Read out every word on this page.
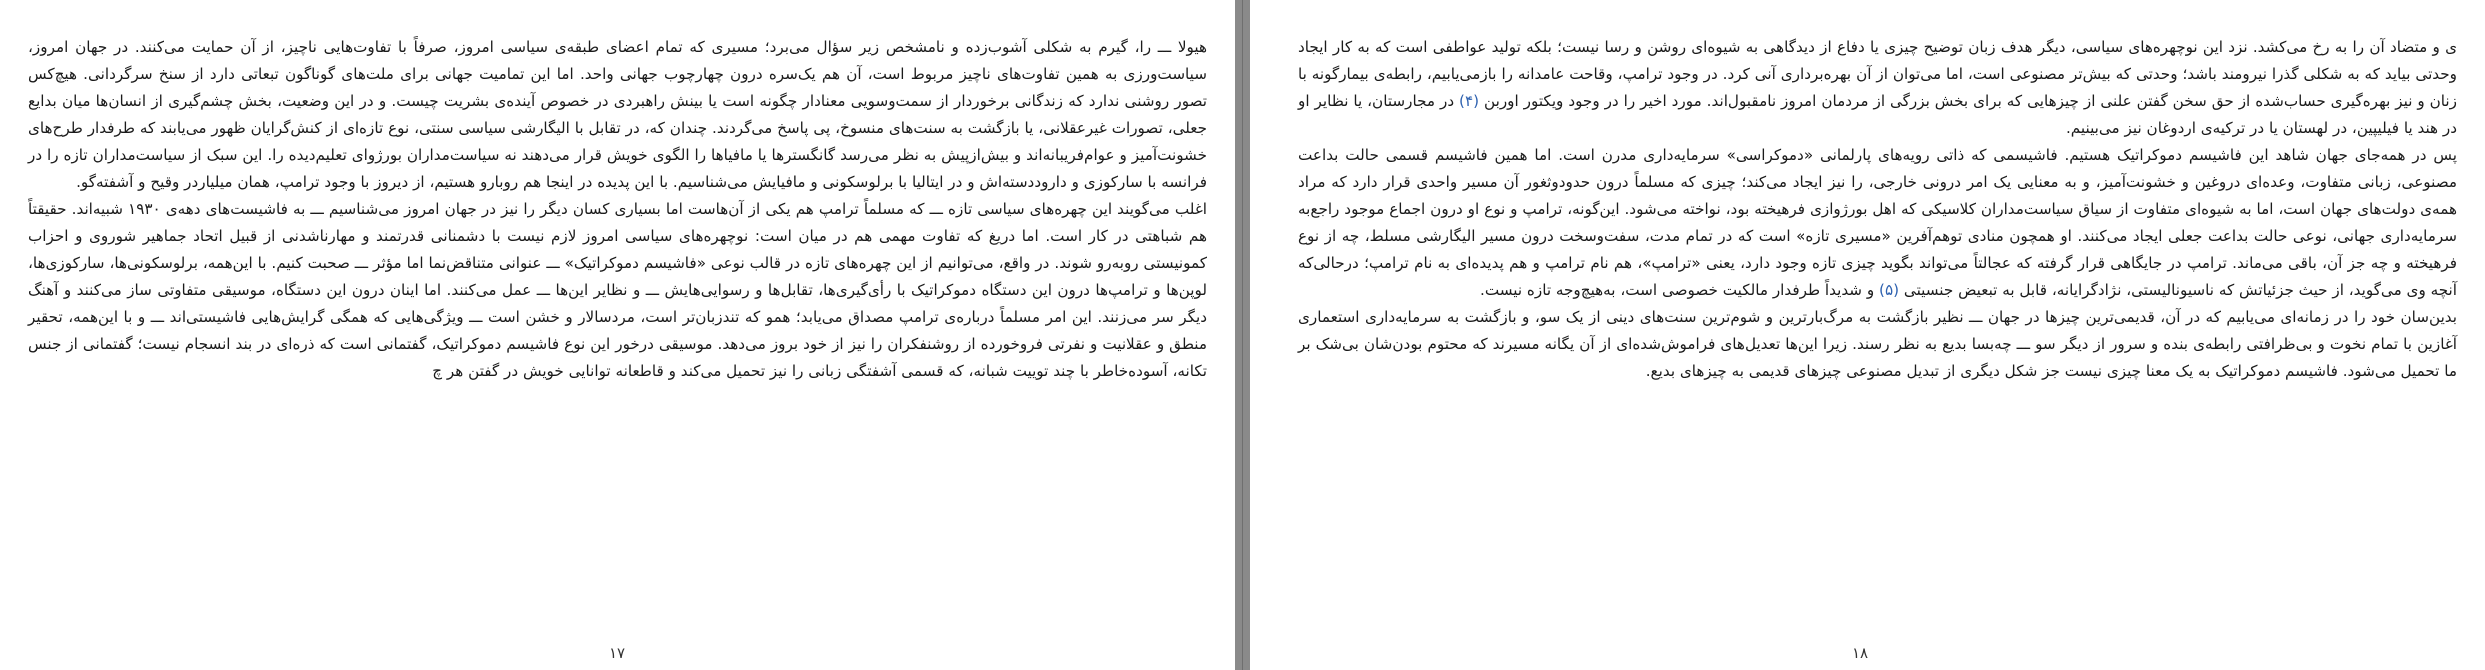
هیولا ـــ را، گیرم به شکلی آشوب‌زده و نامشخص زیر سؤال می‌برد؛ مسیری که تمام اعضای طبقه‌ی سیاسی امروز، صرفاً با تفاوت‌هایی ناچیز، از آن حمایت می‌کنند. در جهان امروز، سیاست‌ورزی به همین تفاوت‌های ناچیز مربوط است، آن هم یک‌سره درون چهارچوب جهانی واحد. اما این تمامیت جهانی برای ملت‌های گوناگون تبعاتی دارد از سنخ سرگردانی. هیچ‌کس تصور روشنی ندارد که زندگانی برخوردار از سمت‌وسویی معنادار چگونه است یا بینش راهبردی در خصوص آینده‌ی بشریت چیست. و در این وضعیت، بخش چشم‌گیری از انسان‌ها میان بدایع جعلی، تصورات غیرعقلانی، یا بازگشت به سنت‌های منسوخ، پی پاسخ می‌گردند. چندان که، در تقابل با الیگارشی سیاسی سنتی، نوع تازه‌ای از کنش‌گرایان ظهور می‌یابند که طرفدار طرح‌های خشونت‌آمیز و عوام‌فریبانه‌اند و بیش‌ازپیش به نظر می‌رسد گانگسترها یا مافیاها را الگوی خویش قرار می‌دهند نه سیاست‌مداران بورژوای تعلیم‌دیده را. این سبک از سیاست‌مداران تازه را در فرانسه با سارکوزی و داروددسته‌اش و در ایتالیا با برلوسکونی و مافیایش می‌شناسیم. با این پدیده در اینجا هم روبارو هستیم، از دیروز با وجود ترامپ، همان میلیاردر وقیح و آشفته‌گو.
اغلب می‌گویند این چهره‌های سیاسی تازه ـــ که مسلماً ترامپ هم یکی از آن‌هاست اما بسیاری کسان دیگر را نیز در جهان امروز می‌شناسیم ـــ به فاشیست‌های دهه‌ی ۱۹۳۰ شبیه‌اند. حقیقتاً هم شباهتی در کار است. اما دریغ که تفاوت مهمی هم در میان است: نوچهره‌های سیاسی امروز لازم نیست با دشمنانی قدرتمند و مهارناشدنی از قبیل اتحاد جماهیر شوروی و احزاب کمونیستی روبه‌رو شوند. در واقع، می‌توانیم از این چهره‌های تازه در قالب نوعی «فاشیسم دموکراتیک» ـــ عنوانی متناقض‌نما اما مؤثر ـــ صحبت کنیم. با این‌همه، برلوسکونی‌ها، سارکوزی‌ها، لوپن‌ها و ترامپ‌ها درون این دستگاه دموکراتیک با رأی‌گیری‌ها، تقابل‌ها و رسوایی‌هایش ـــ و نظایر این‌ها ـــ عمل می‌کنند. اما اینان درون این دستگاه، موسیقی متفاوتی ساز می‌کنند و آهنگ دیگر سر می‌زنند. این امر مسلماً درباره‌ی ترامپ مصداق می‌یابد؛ همو که تندزبان‌تر است، مردسالار و خشن است ـــ ویژگی‌هایی که همگی گرایش‌هایی فاشیستی‌اند ـــ و با این‌همه، تحقیر منطق و عقلانیت و نفرتی فروخورده از روشنفکران را نیز از خود بروز می‌دهد. موسیقی درخور این نوع فاشیسم دموکراتیک، گفتمانی است که ذره‌ای در بند انسجام نیست؛ گفتمانی از جنس تکانه، آسوده‌خاطر با چند توییت شبانه، که قسمی آشفتگی زبانی را نیز تحمیل می‌کند و قاطعانه توانایی خویش در گفتن هر چ
۱۷
ی و متضاد آن را به رخ می‌کشد. نزد این نوچهره‌های سیاسی، دیگر هدف زبان توضیح چیزی یا دفاع از دیدگاهی به شیوه‌ای روشن و رسا نیست؛ بلکه تولید عواطفی است که به کار ایجاد وحدتی بیاید که به شکلی گذرا نیرومند باشد؛ وحدتی که بیش‌تر مصنوعی است، اما می‌توان از آن بهره‌برداری آنی کرد. در وجود ترامپ، وقاحت عامدانه را بازمی‌یابیم، رابطه‌ی بیمارگونه با زنان و نیز بهره‌گیری حساب‌شده از حق سخن گفتن علنی از چیزهایی که برای بخش بزرگی از مردمان امروز نامقبول‌اند. مورد اخیر را در وجود ویکتور اوربن (۴) در مجارستان، یا نظایر او در هند یا فیلیپین، در لهستان یا در ترکیه‌ی اردوغان نیز می‌بینیم.
پس در همه‌جای جهان شاهد این فاشیسم دموکراتیک هستیم. فاشیسمی که ذاتی رویه‌های پارلمانی «دموکراسی» سرمایه‌داری مدرن است. اما همین فاشیسم قسمی حالت بداعت مصنوعی، زبانی متفاوت، وعده‌ای دروغین و خشونت‌آمیز، و به معنایی یک امر درونی خارجی، را نیز ایجاد می‌کند؛ چیزی که مسلماً درون حدودوثغور آن مسیر واحدی قرار دارد که مراد همه‌ی دولت‌های جهان است، اما به شیوه‌ای متفاوت از سیاق سیاست‌مداران کلاسیکی که اهل بورژوازی فرهیخته بود، نواخته می‌شود. این‌گونه، ترامپ و نوع او درون اجماع موجود راجع‌به سرمایه‌داری جهانی، نوعی حالت بداعت جعلی ایجاد می‌کنند. او همچون منادی توهم‌آفرین «مسیری تازه» است که در تمام مدت، سفت‌وسخت درون مسیر الیگارشی مسلط، چه از نوع فرهیخته و چه جز آن، باقی می‌ماند. ترامپ در جایگاهی قرار گرفته که عجالتاً می‌تواند بگوید چیزی تازه وجود دارد، یعنی «ترامپ»، هم نام ترامپ و هم پدیده‌ای به نام ترامپ؛ درحالی‌که آنچه وی می‌گوید، از حیث جزئیاتش که ناسیونالیستی، نژادگرایانه، قابل به تبعیض جنسیتی (۵) و شدیداً طرفدار مالکیت خصوصی است، به‌هیچ‌وجه تازه نیست.
بدین‌سان خود را در زمانه‌ای می‌یابیم که در آن، قدیمی‌ترین چیزها در جهان ـــ نظیر بازگشت به مرگ‌بارترین و شوم‌ترین سنت‌های دینی از یک سو، و بازگشت به سرمایه‌داری استعماری آغازین با تمام نخوت و بی‌ظرافتی رابطه‌ی بنده و سرور از دیگر سو ـــ چه‌بسا بدیع به نظر رسند. زیرا این‌ها تعدیل‌های فراموش‌شده‌ای از آن یگانه مسیرند که محتوم بودن‌شان بی‌شک بر ما تحمیل می‌شود. فاشیسم دموکراتیک به یک معنا چیزی نیست جز شکل دیگری از تبدیل مصنوعی چیزهای قدیمی به چیزهای بدیع.
۱۸
